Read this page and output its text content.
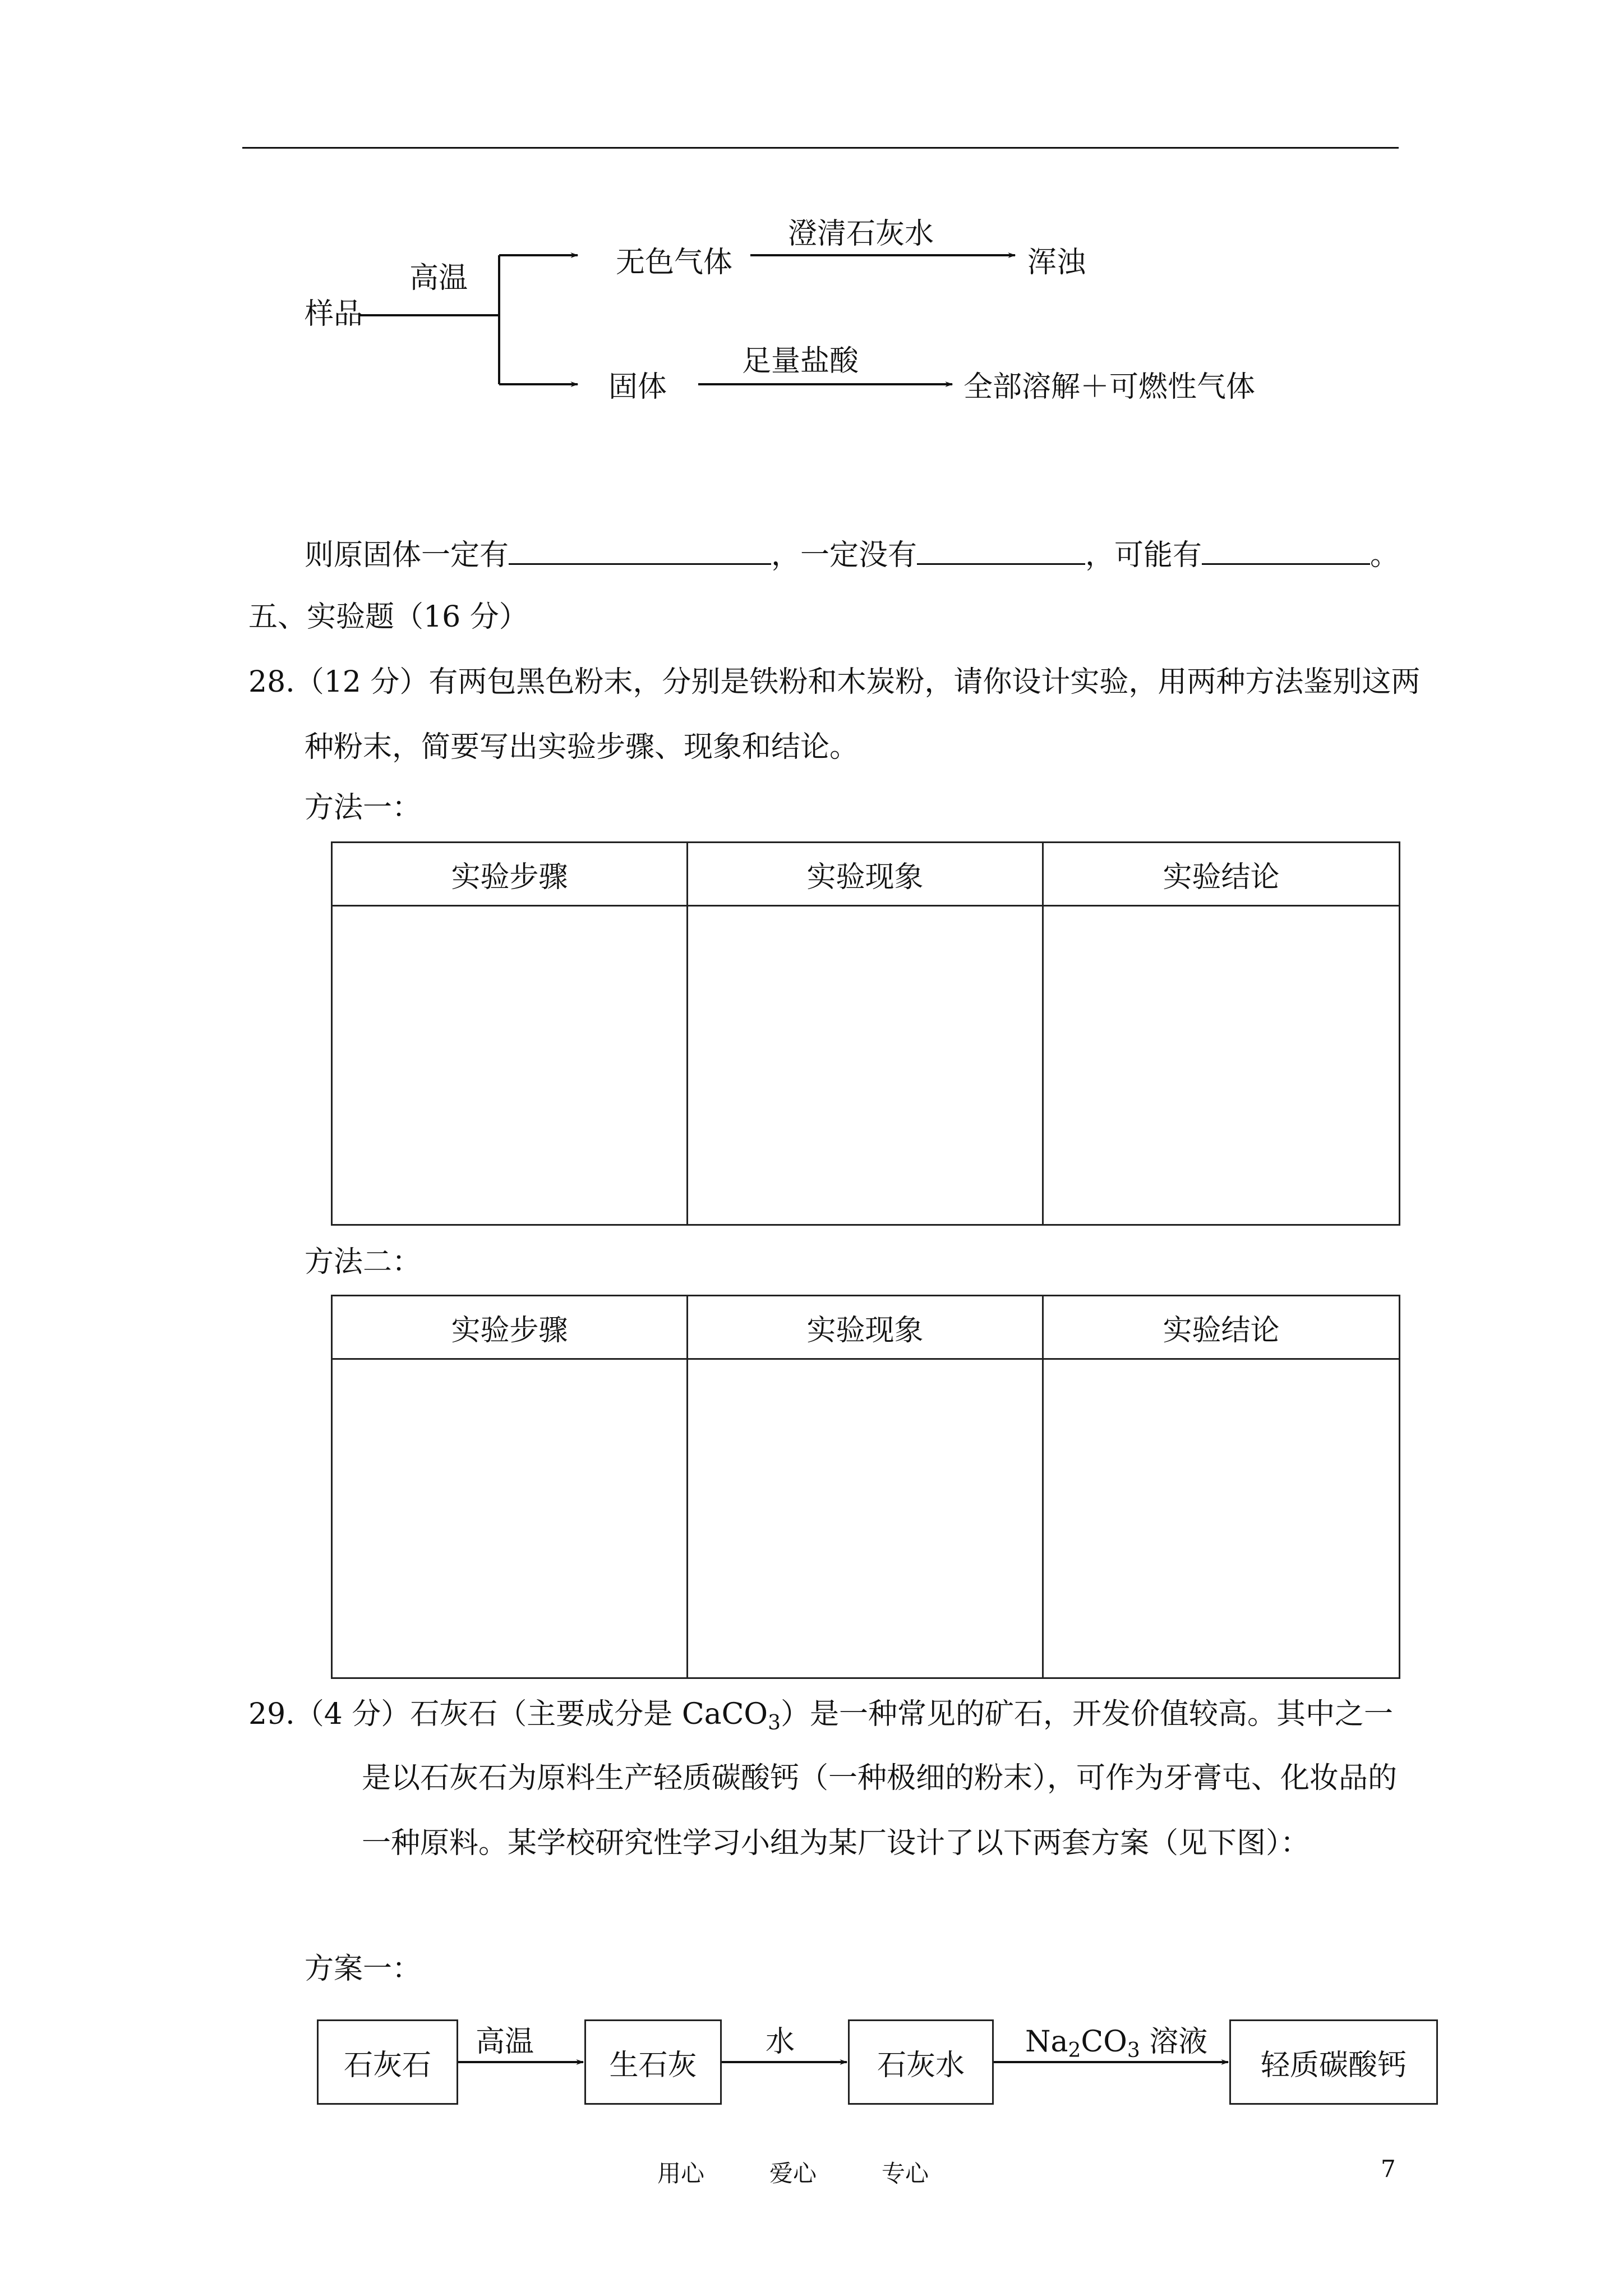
样品
高温	无色气体
澄清石灰水
浑浊
固体
足量盐酸
全部溶解＋可燃性气体
则原固体一定有	，一定没有	，可能有	。
五、实验题（16 分）
28.（12 分）有两包黑色粉末，分别是铁粉和木炭粉，请你设计实验，用两种方法鉴别这两
种粉末，简要写出实验步骤、现象和结论。
方法一：
实验步骤	实验现象	实验结论

方法二：
实验步骤	实验现象	实验结论

29.（4 分）石灰石（主要成分是 CaCO$_3$）是一种常见的矿石，开发价值较高。其中之一
是以石灰石为原料生产轻质碳酸钙（一种极细的粉末），可作为牙膏屯、化妆品的
一种原料。某学校研究性学习小组为某厂设计了以下两套方案（见下图）：
方案一：
石灰石
高温
生石灰
水
石灰水
$Na_2CO_3$ 溶液
轻质碳酸钙
用心	爱心	专心	7
